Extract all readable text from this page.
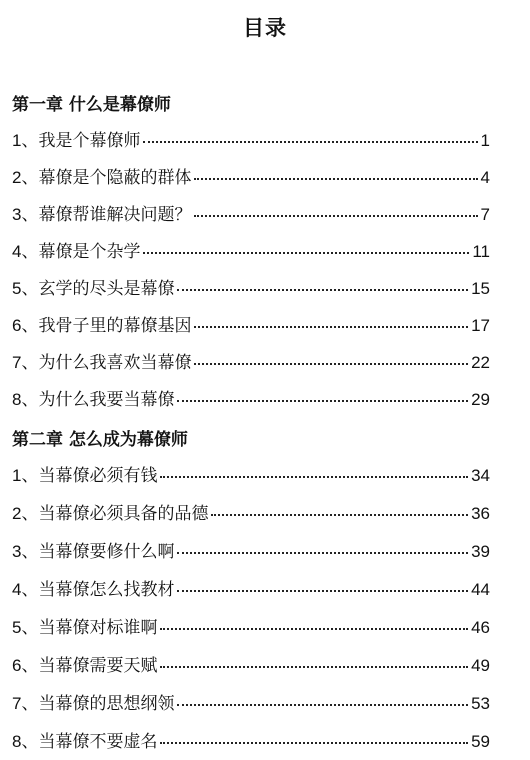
目录
第一章 什么是幕僚师
1 、 我是个幕僚师	1
2 、 幕僚是个隐蔽的群体	4
3 、 幕僚帮谁解决问题？	7
4 、 幕僚是个杂学	11
5 、 玄学的尽头是幕僚	15
6 、 我骨子里的幕僚基因	17
7 、 为什么我喜欢当幕僚	22
8 、 为什么我要当幕僚	29
第二章 怎么成为幕僚师
1 、 当幕僚必须有钱	34
2 、 当幕僚必须具备的品德	36
3 、 当幕僚要修什么啊	39
4 、 当幕僚怎么找教材	44
5 、 当幕僚对标谁啊	46
6 、 当幕僚需要天赋	49
7 、 当幕僚的思想纲领	53
8 、 当幕僚不要虚名	59
